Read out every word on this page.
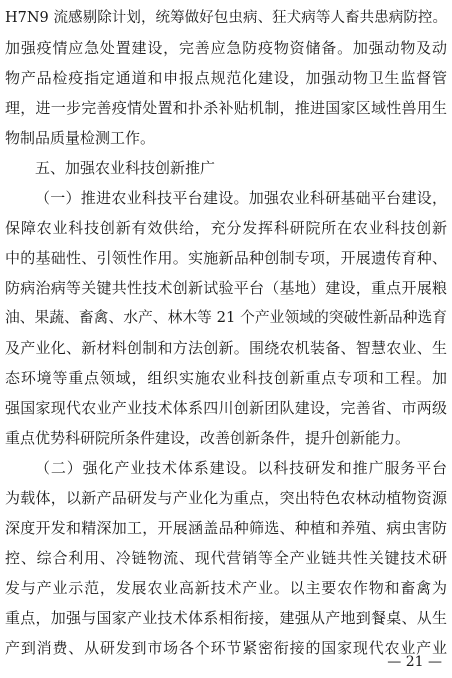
H7N9 流感剔除计划，统筹做好包虫病、狂犬病等人畜共患病防控。
加强疫情应急处置建设，完善应急防疫物资储备。加强动物及动
物产品检疫指定通道和申报点规范化建设，加强动物卫生监督管
理，进一步完善疫情处置和扑杀补贴机制，推进国家区域性兽用生
物制品质量检测工作。
五、加强农业科技创新推广
（一）推进农业科技平台建设。加强农业科研基础平台建设，
保障农业科技创新有效供给，充分发挥科研院所在农业科技创新
中的基础性、引领性作用。实施新品种创制专项，开展遗传育种、
防病治病等关键共性技术创新试验平台（基地）建设，重点开展粮
油、果蔬、畜禽、水产、林木等 21 个产业领域的突破性新品种选育
及产业化、新材料创制和方法创新。围绕农机装备、智慧农业、生
态环境等重点领域，组织实施农业科技创新重点专项和工程。加
强国家现代农业产业技术体系四川创新团队建设，完善省、市两级
重点优势科研院所条件建设，改善创新条件，提升创新能力。
（二）强化产业技术体系建设。以科技研发和推广服务平台
为载体，以新产品研发与产业化为重点，突出特色农林动植物资源
深度开发和精深加工，开展涵盖品种筛选、种植和养殖、病虫害防
控、综合利用、冷链物流、现代营销等全产业链共性关键技术研
发与产业示范，发展农业高新技术产业。以主要农作物和畜禽为
重点，加强与国家产业技术体系相衔接，建强从产地到餐桌、从生
产到消费、从研发到市场各个环节紧密衔接的国家现代农业产业
— 21 —
